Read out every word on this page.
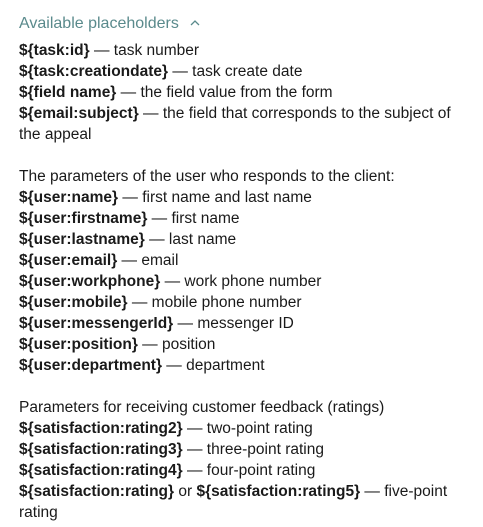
Available placeholders
${task:id} — task number
${task:creationdate} — task create date
${field name} — the field value from the form
${email:subject} — the field that corresponds to the subject of the appeal
The parameters of the user who responds to the client:
${user:name} — first name and last name
${user:firstname} — first name
${user:lastname} — last name
${user:email} — email
${user:workphone} — work phone number
${user:mobile} — mobile phone number
${user:messengerId} — messenger ID
${user:position} — position
${user:department} — department
Parameters for receiving customer feedback (ratings)
${satisfaction:rating2} — two-point rating
${satisfaction:rating3} — three-point rating
${satisfaction:rating4} — four-point rating
${satisfaction:rating} or ${satisfaction:rating5} — five-point rating
